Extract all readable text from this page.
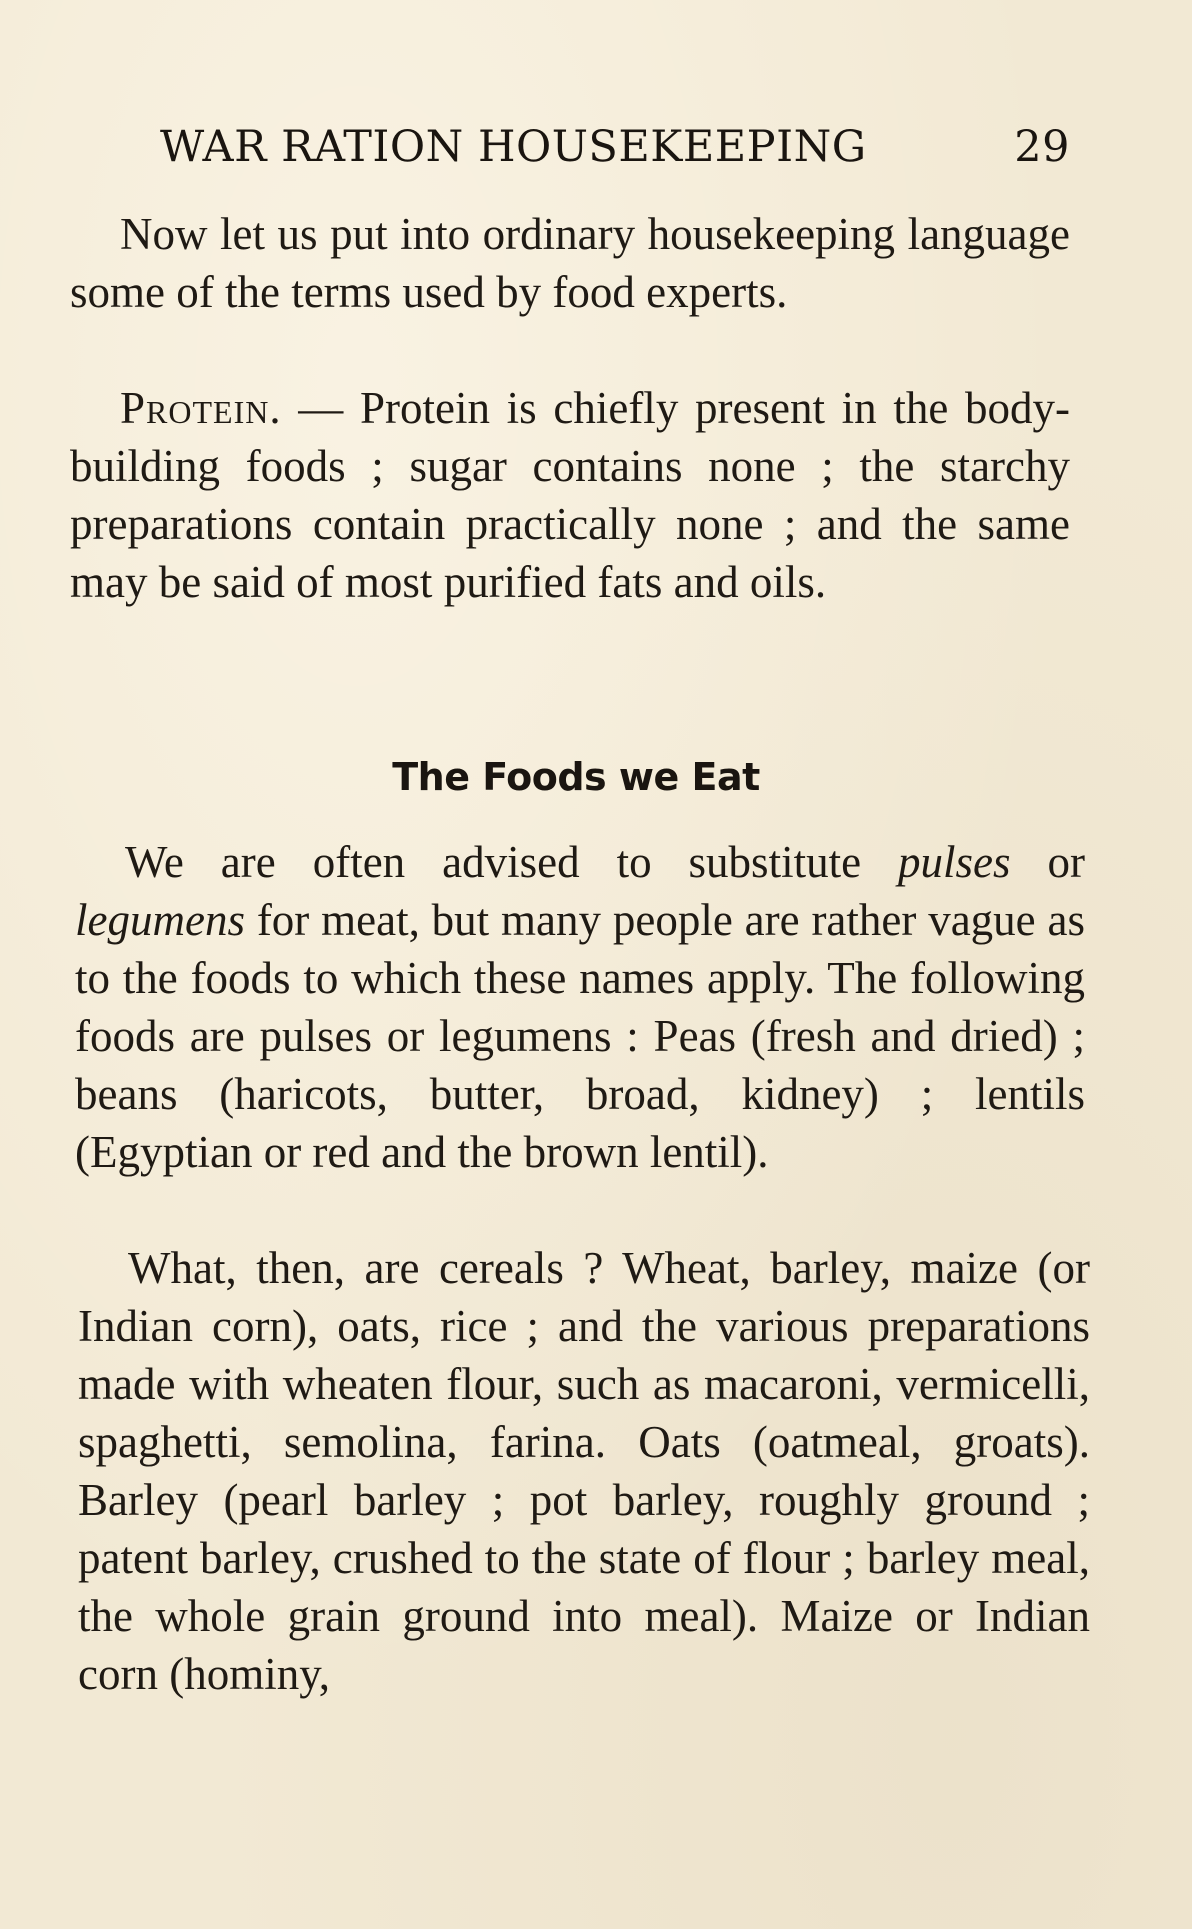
WAR RATION HOUSEKEEPING	29

Now let us put into ordinary housekeeping language some of the terms used by food experts.

Protein. — Protein is chiefly present in the body-building foods ; sugar contains none ; the starchy preparations contain practically none ; and the same may be said of most purified fats and oils.

The Foods we Eat

We are often advised to substitute pulses or legumens for meat, but many people are rather vague as to the foods to which these names apply. The following foods are pulses or legumens : Peas (fresh and dried) ; beans (haricots, butter, broad, kidney) ; lentils (Egyptian or red and the brown lentil).

What, then, are cereals ? Wheat, barley, maize (or Indian corn), oats, rice ; and the various preparations made with wheaten flour, such as macaroni, vermicelli, spaghetti, semolina, farina. Oats (oatmeal, groats). Barley (pearl barley ; pot barley, roughly ground ; patent barley, crushed to the state of flour ; barley meal, the whole grain ground into meal). Maize or Indian corn (hominy,
